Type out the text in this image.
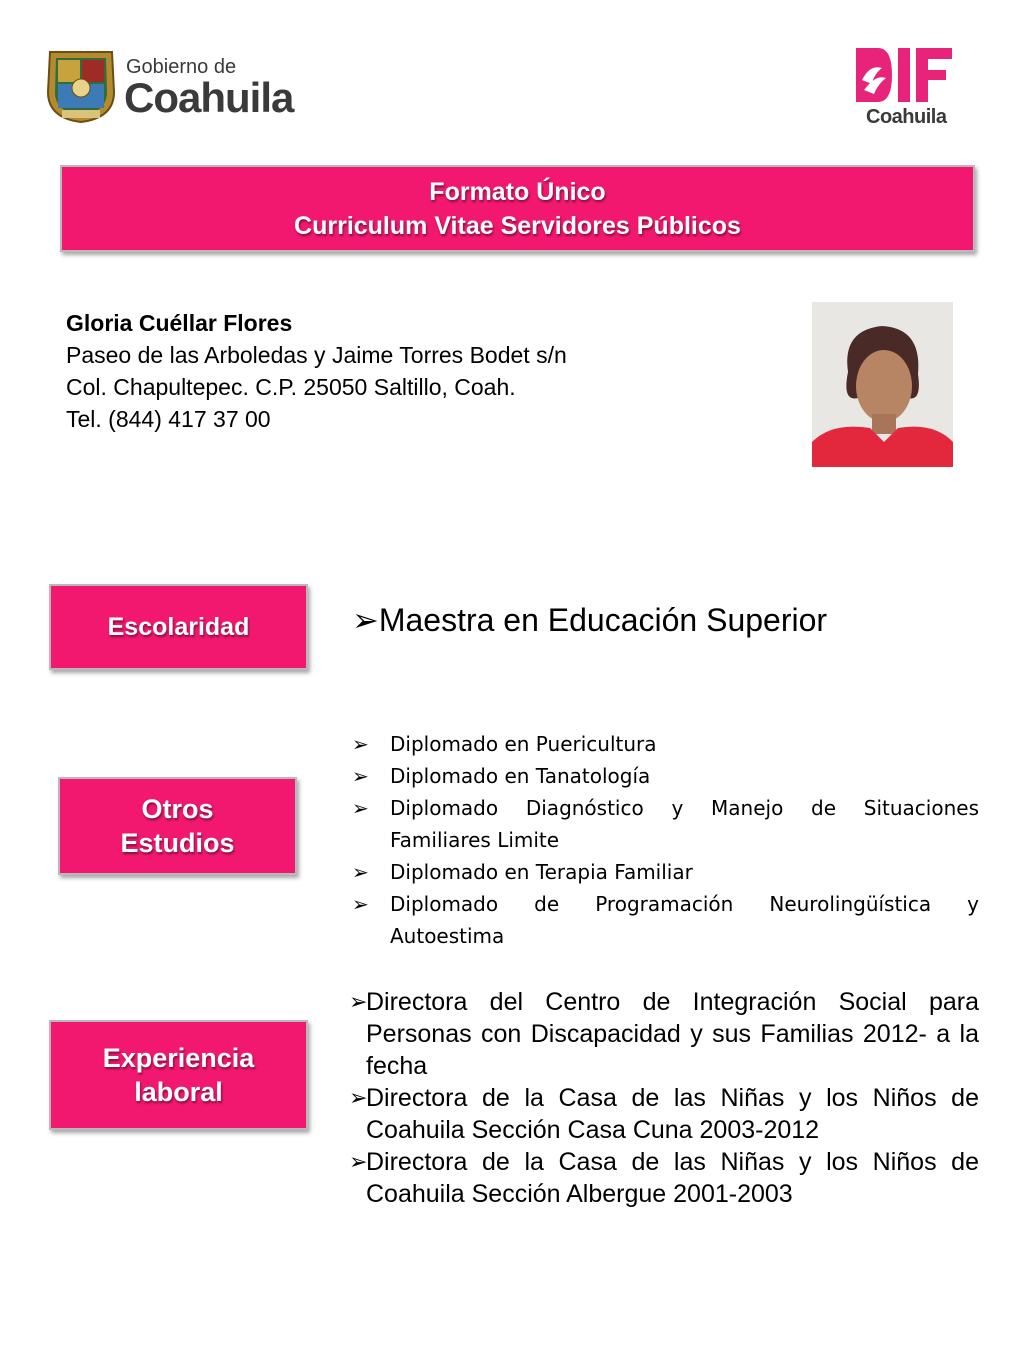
Gobierno de
Coahuila	Coahuila
Formato Único
Curriculum Vitae Servidores Públicos
Gloria Cuéllar Flores
Paseo de las Arboledas y Jaime Torres Bodet s/n
Col. Chapultepec. C.P. 25050 Saltillo, Coah.
Tel. (844) 417 37 00
Escolaridad	➢Maestra en Educación Superior
Otros
Estudios
➢ Diplomado en Puericultura
➢ Diplomado en Tanatología
➢ Diplomado Diagnóstico y Manejo de Situaciones Familiares Limite
➢ Diplomado en Terapia Familiar
➢ Diplomado de Programación Neurolingüística y Autoestima
Experiencia
laboral
➢
Directora del Centro de Integración Social para Personas con Discapacidad y sus Familias 2012- a la fecha
➢
Directora de la Casa de las Niñas y los Niños de Coahuila Sección Casa Cuna 2003-2012
➢
Directora de la Casa de las Niñas y los Niños de Coahuila Sección Albergue 2001-2003
